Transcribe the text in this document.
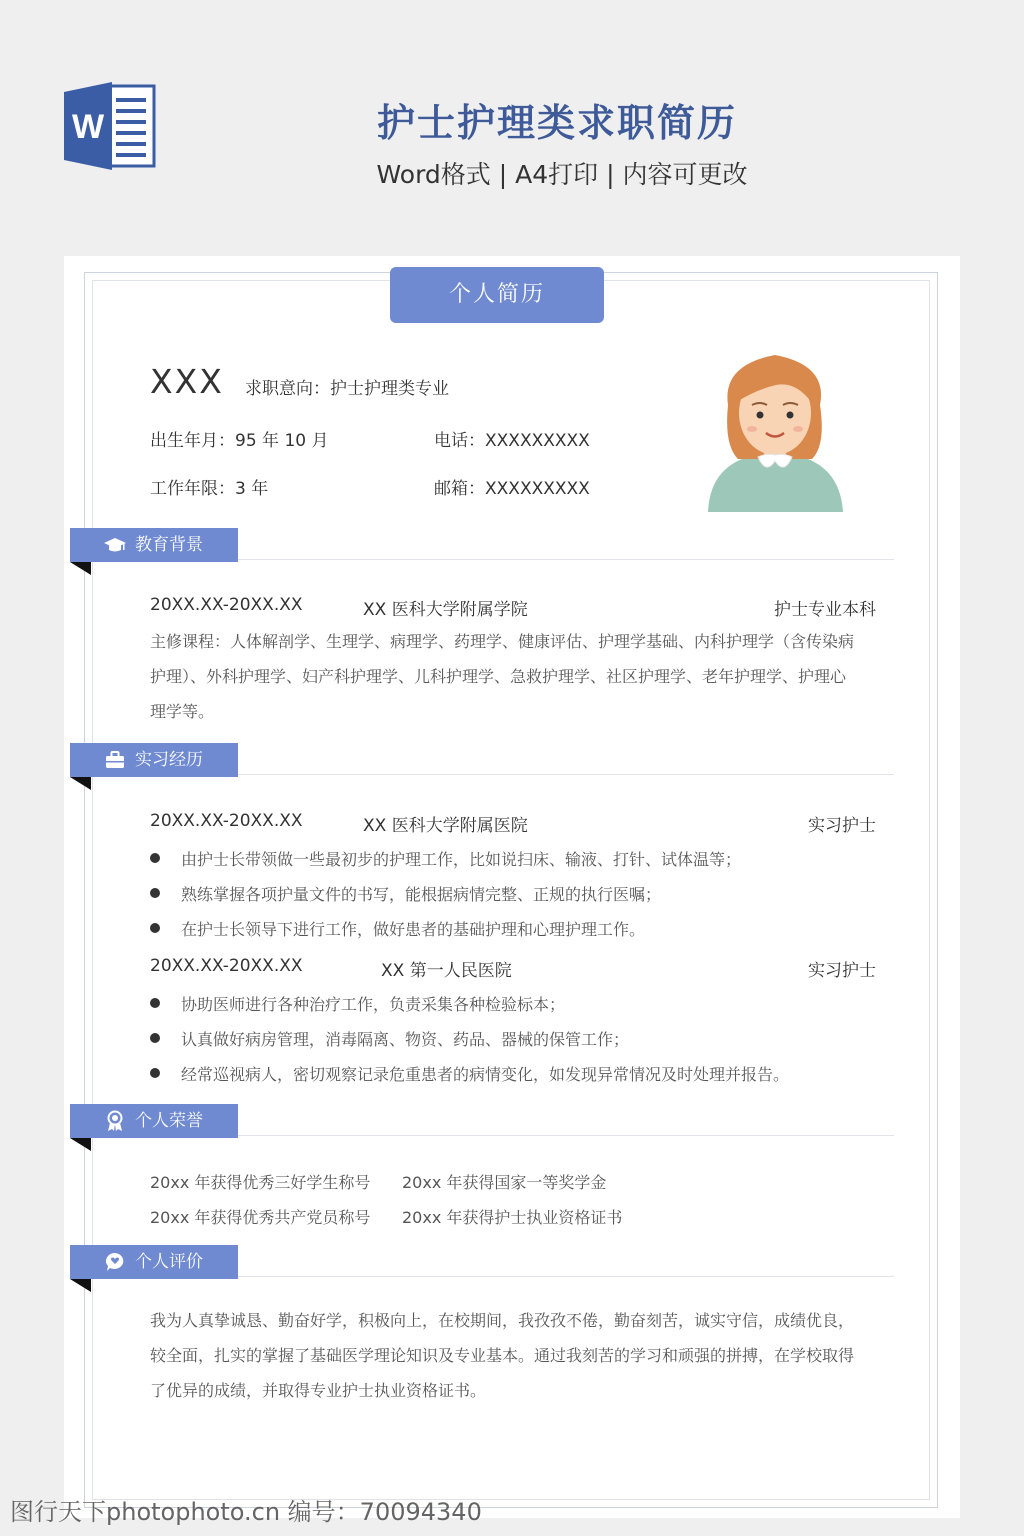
W	护士护理类求职简历
Word格式 | A4打印 | 内容可更改
个人简历
XXX 求职意向：护士护理类专业
出生年月：95 年 10 月	电话：XXXXXXXXX
工作年限：3 年	邮箱：XXXXXXXXX
教育背景
20XX.XX-20XX.XX	XX 医科大学附属学院	护士专业本科
主修课程：人体解剖学、生理学、病理学、药理学、健康评估、护理学基础、内科护理学（含传染病
护理）、外科护理学、妇产科护理学、儿科护理学、急救护理学、社区护理学、老年护理学、护理心
理学等。
实习经历
20XX.XX-20XX.XX	XX 医科大学附属医院	实习护士
由护士长带领做一些最初步的护理工作，比如说扫床、输液、打针、试体温等；
熟练掌握各项护量文件的书写，能根据病情完整、正规的执行医嘱；
在护士长领导下进行工作，做好患者的基础护理和心理护理工作。
20XX.XX-20XX.XX	XX 第一人民医院	实习护士
协助医师进行各种治疗工作，负责采集各种检验标本；
认真做好病房管理，消毒隔离、物资、药品、器械的保管工作；
经常巡视病人，密切观察记录危重患者的病情变化，如发现异常情况及时处理并报告。
个人荣誉
20xx 年获得优秀三好学生称号 20xx 年获得国家一等奖学金
20xx 年获得优秀共产党员称号 20xx 年获得护士执业资格证书
个人评价
我为人真挚诚恳、勤奋好学，积极向上，在校期间，我孜孜不倦，勤奋刻苦，诚实守信，成绩优良，
较全面，扎实的掌握了基础医学理论知识及专业基本。通过我刻苦的学习和顽强的拼搏，在学校取得
了优异的成绩，并取得专业护士执业资格证书。
图行天下photophoto.cn 编号：70094340
